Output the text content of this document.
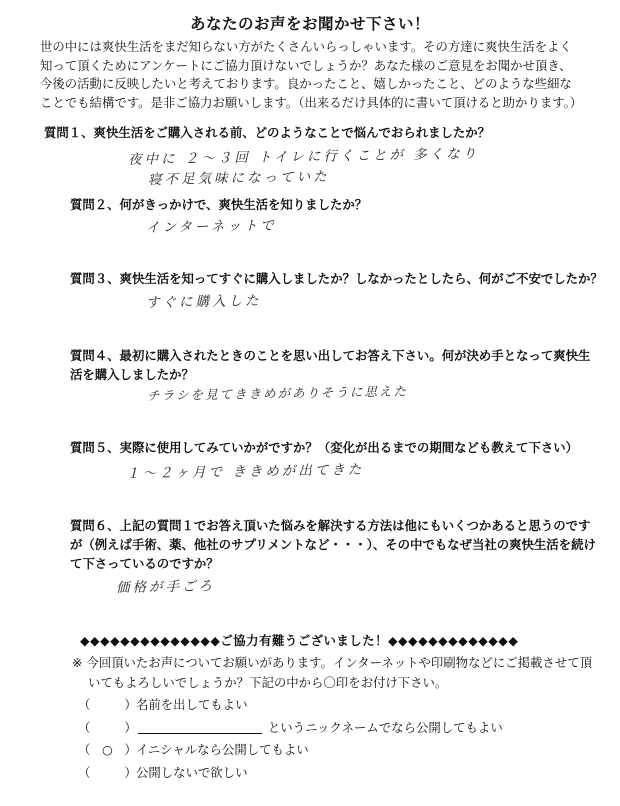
あなたのお声をお聞かせ下さい！
世の中には爽快生活をまだ知らない方がたくさんいらっしゃいます。その方達に爽快生活をよく
知って頂くためにアンケートにご協力頂けないでしょうか？あなた様のご意見をお聞かせ頂き、
今後の活動に反映したいと考えております。良かったこと、嬉しかったこと、どのような些細な
ことでも結構です。是非ご協力お願いします。（出来るだけ具体的に書いて頂けると助かります。）
質問１、爽快生活をご購入される前、どのようなことで悩んでおられましたか？
夜中に ２〜３回 トイレに行くことが 多くなり
寝不足気味になっていた
質問２、何がきっかけで、爽快生活を知りましたか？
インターネットで
質問３、爽快生活を知ってすぐに購入しましたか？しなかったとしたら、何がご不安でしたか？
すぐに購入した
質問４、最初に購入されたときのことを思い出してお答え下さい。何が決め手となって爽快生
活を購入しましたか？
チラシを見てききめがありそうに思えた
質問５、実際に使用してみていかがですか？（変化が出るまでの期間なども教えて下さい）
１〜２ヶ月で ききめが出てきた
質問６、上記の質問１でお答え頂いた悩みを解決する方法は他にもいくつかあると思うのです
が（例えば手術、薬、他社のサプリメントなど・・・）、その中でもなぜ当社の爽快生活を続け
て下さっているのですか？
価格が手ごろ
◆◆◆◆◆◆◆◆◆◆◆◆◆◆ご協力有難うございました！◆◆◆◆◆◆◆◆◆◆◆◆◆
※ 今回頂いたお声についてお願いがあります。インターネットや印刷物などにご掲載させて頂
いてもよろしいでしょうか？下記の中から〇印をお付け下さい。
（	） 名前を出してもよい
（	）	というニックネームでなら公開してもよい
（ ○ ） イニシャルなら公開してもよい
（	） 公開しないで欲しい
